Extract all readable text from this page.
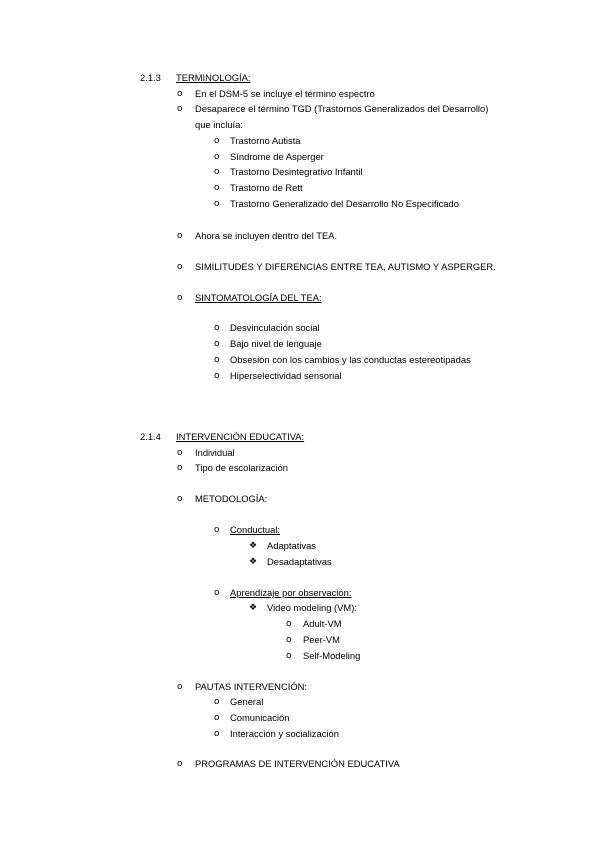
2.1.3 TERMINOLOGÍA:
o En el DSM-5 se incluye el término espectro
o Desaparece el término TGD (Trastornos Generalizados del Desarrollo)
que incluía:
o Trastorno Autista
o Síndrome de Asperger
o Trastorno Desintegrativo Infantil
o Trastorno de Rett
o Trastorno Generalizado del Desarrollo No Especificado
o Ahora se incluyen dentro del TEA.
o SIMILITUDES Y DIFERENCIAS ENTRE TEA, AUTISMO Y ASPERGER.
o SINTOMATOLOGÍA DEL TEA:
o Desvinculación social
o Bajo nivel de lenguaje
o Obsesión con los cambios y las conductas estereotipadas
o Hiperselectividad sensorial
2.1.4 INTERVENCIÓN EDUCATIVA:
o Individual
o Tipo de escolarización
o METODOLOGÍA:
o Conductual:
❖ Adaptativas
❖ Desadaptativas
o Aprendizaje por observación:
❖ Video modeling (VM):
o Adult-VM
o Peer-VM
o Self-Modeling
o PAUTAS INTERVENCIÓN:
o General
o Comunicación
o Interacción y socialización
o PROGRAMAS DE INTERVENCIÓN EDUCATIVA
